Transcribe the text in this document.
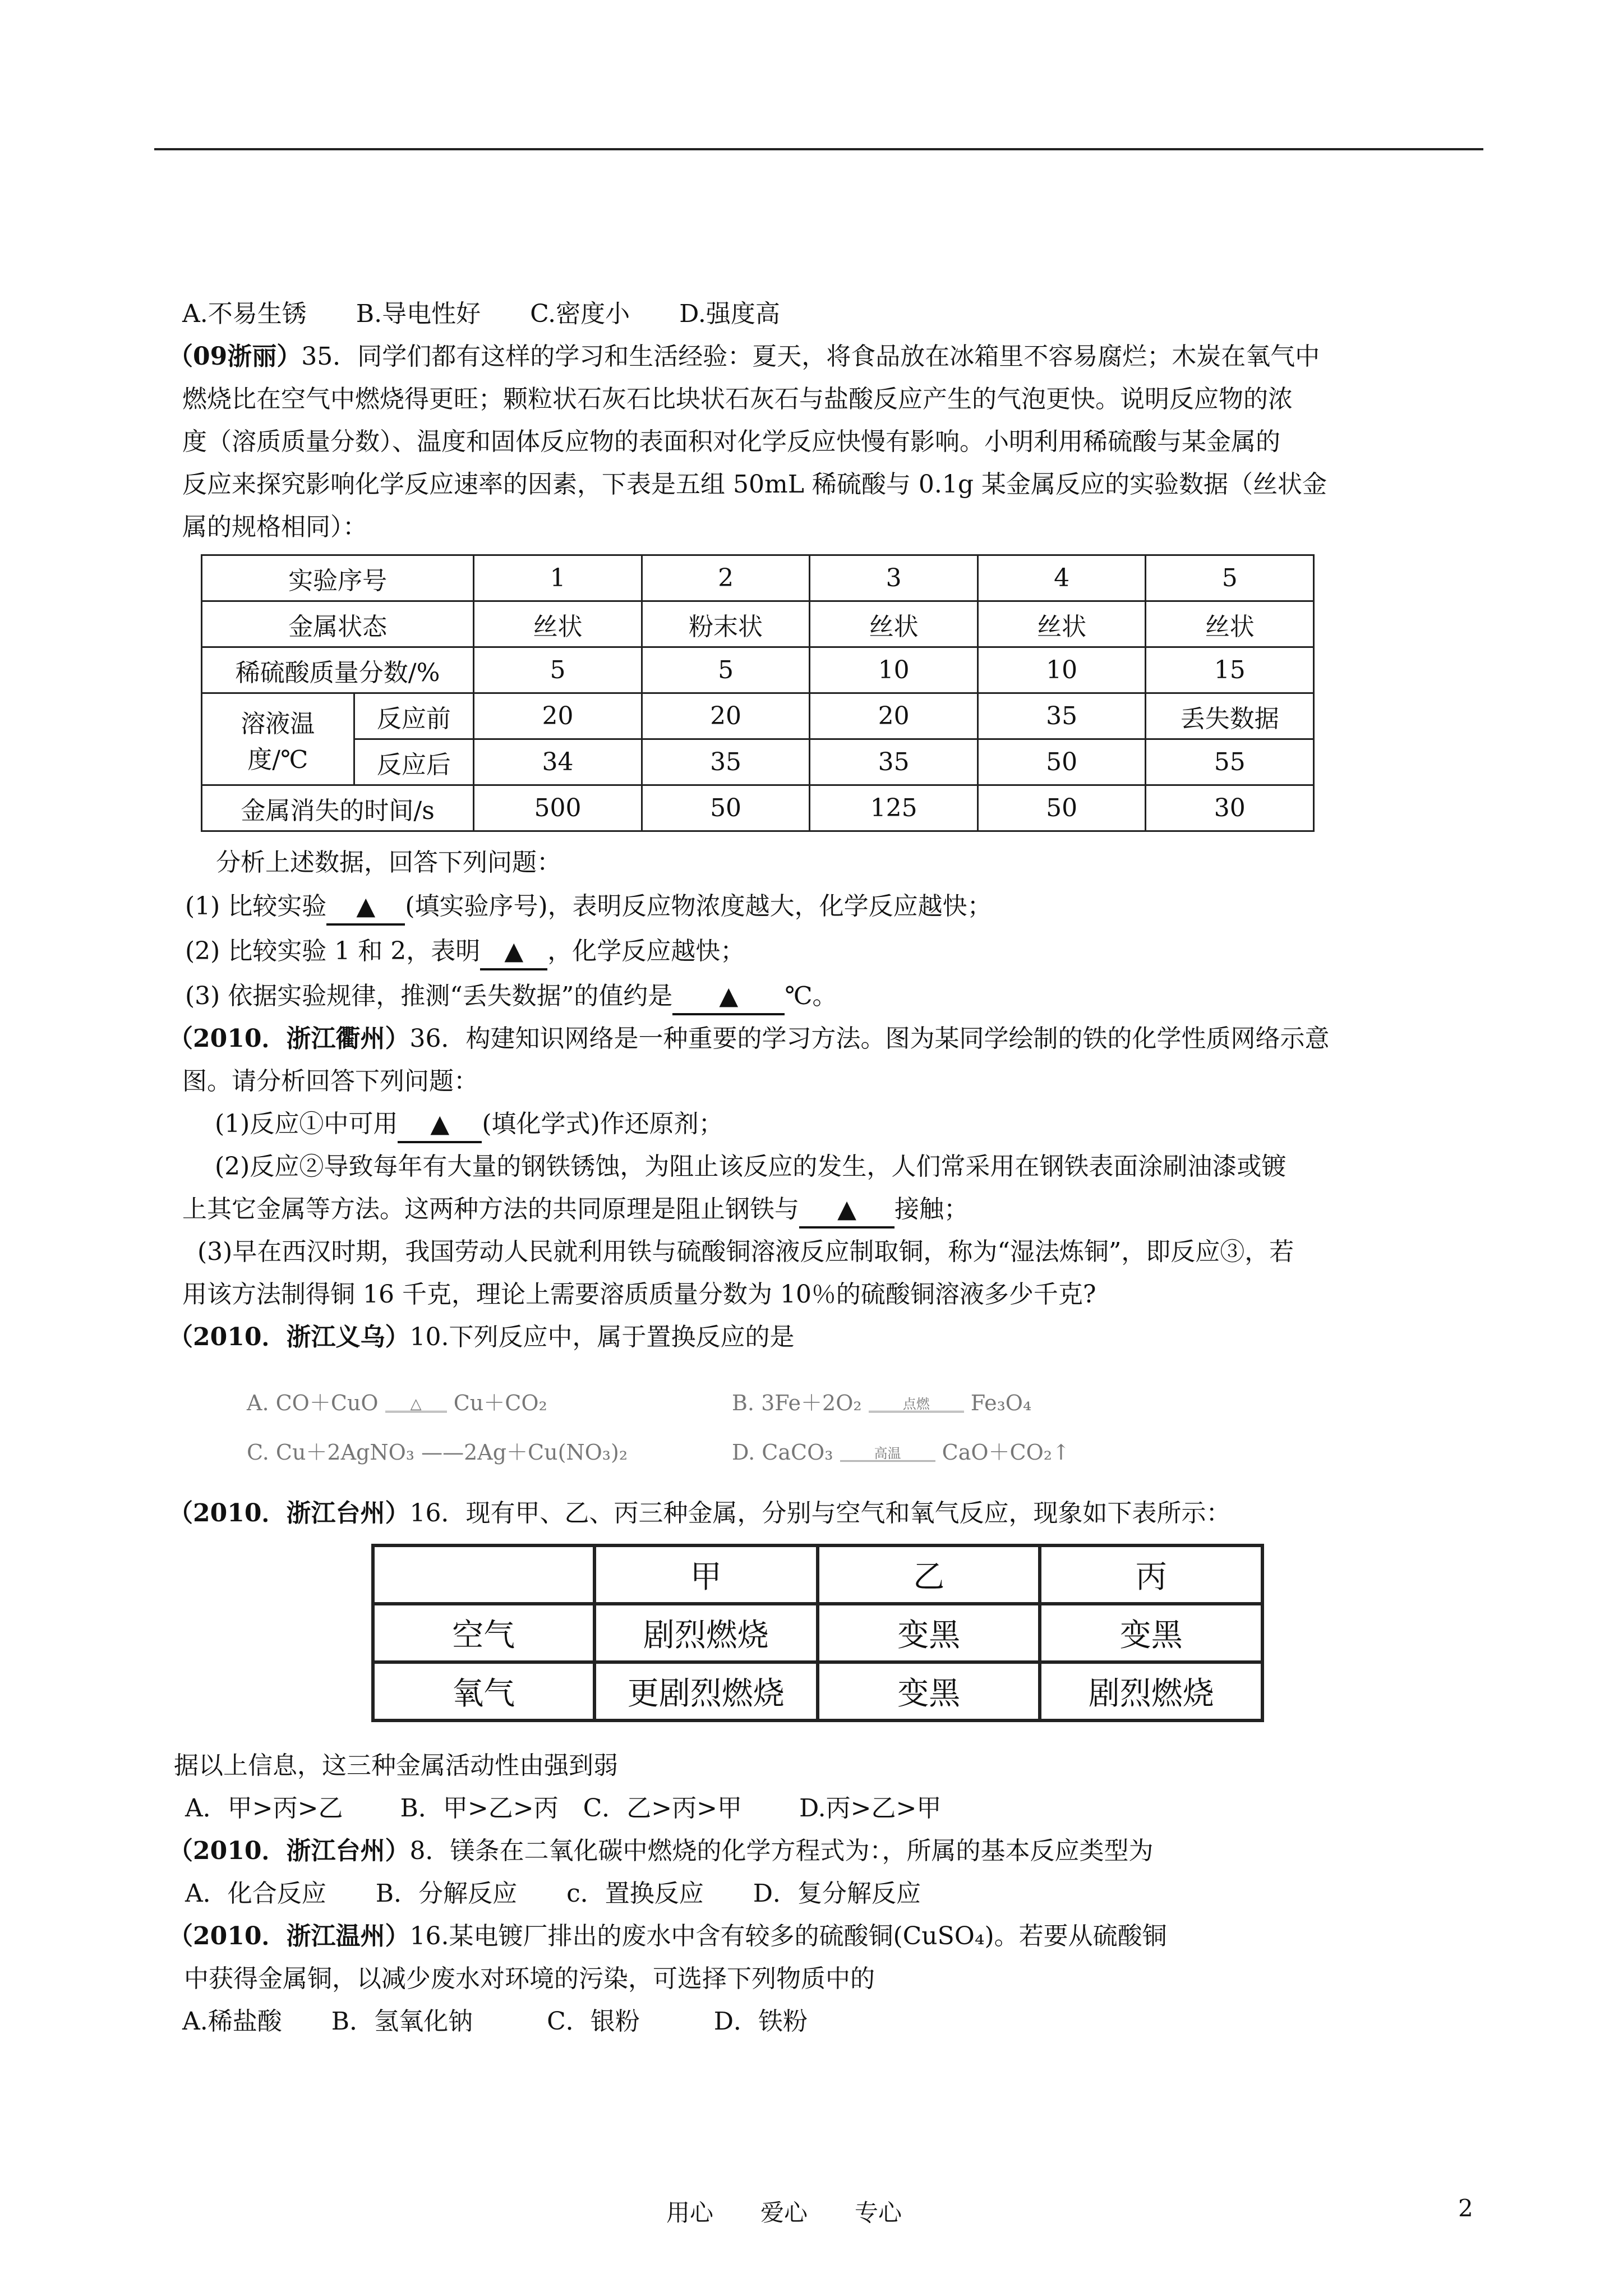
A.不易生锈　　B.导电性好　　C.密度小　　D.强度高
（09浙丽）35．同学们都有这样的学习和生活经验：夏天，将食品放在冰箱里不容易腐烂；木炭在氧气中
燃烧比在空气中燃烧得更旺；颗粒状石灰石比块状石灰石与盐酸反应产生的气泡更快。说明反应物的浓
度（溶质质量分数）、温度和固体反应物的表面积对化学反应快慢有影响。小明利用稀硫酸与某金属的
反应来探究影响化学反应速率的因素，下表是五组 50mL 稀硫酸与 0.1g 某金属反应的实验数据（丝状金
属的规格相同）：
实验序号		1	2	3	4	5
金属状态		丝状	粉末状	丝状	丝状	丝状
稀硫酸质量分数/%		5	5	10	10	15
溶液温
度/℃	反应前	20	20	20	35	丢失数据
	反应后	34	35	35	50	55
金属消失的时间/s		500	50	125	50	30
分析上述数据，回答下列问题：
(1) 比较实验 ▲ (填实验序号)，表明反应物浓度越大，化学反应越快；
(2) 比较实验 1 和 2，表明 ▲ ，化学反应越快；
(3) 依据实验规律，推测“丢失数据”的值约是 ▲ ℃。
（2010．浙江衢州）36．构建知识网络是一种重要的学习方法。图为某同学绘制的铁的化学性质网络示意
图。请分析回答下列问题：
(1)反应①中可用 ▲ (填化学式)作还原剂；
(2)反应②导致每年有大量的钢铁锈蚀，为阻止该反应的发生，人们常采用在钢铁表面涂刷油漆或镀
上其它金属等方法。这两种方法的共同原理是阻止钢铁与 ▲ 接触；
(3)早在西汉时期，我国劳动人民就利用铁与硫酸铜溶液反应制取铜，称为“湿法炼铜”，即反应③，若
用该方法制得铜 16 千克，理论上需要溶质质量分数为 10％的硫酸铜溶液多少千克?
（2010．浙江义乌）10.下列反应中，属于置换反应的是
A. CO＋CuO △ Cu＋CO₂	B. 3Fe＋2O₂	点燃 Fe₃O₄
C. Cu＋2AgNO₃ ——2Ag＋Cu(NO₃)₂	D. CaCO₃	高温 CaO＋CO₂↑
（2010．浙江台州）16．现有甲、乙、丙三种金属，分别与空气和氧气反应，现象如下表所示：
	甲	乙	丙
空气	剧烈燃烧	变黑	变黑
氧气	更剧烈燃烧	变黑	剧烈燃烧
据以上信息，这三种金属活动性由强到弱
A．甲>丙>乙　　 B．甲>乙>丙　C．乙>丙>甲　　 D.丙>乙>甲
（2010．浙江台州）8．镁条在二氧化碳中燃烧的化学方程式为：，所属的基本反应类型为
A．化合反应　　B．分解反应　　c．置换反应　　D．复分解反应
（2010．浙江温州）16.某电镀厂排出的废水中含有较多的硫酸铜(CuSO₄)。若要从硫酸铜
中获得金属铜，以减少废水对环境的污染，可选择下列物质中的
A.稀盐酸　　B．氢氧化钠　　　C．银粉　　　D．铁粉
用心　　爱心　　专心	2
